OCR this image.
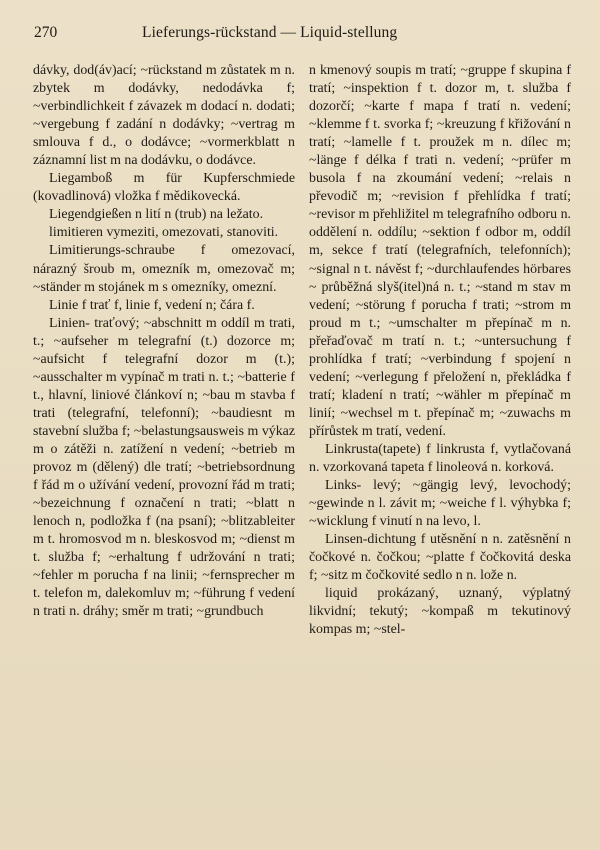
270	Lieferungs-rückstand — Liquid-stellung

dávky, dod(áv)ací; ~rückstand m zůstatek m n. zbytek m dodávky, nedodávka f; ~verbindlichkeit f závazek m dodací n. dodati; ~vergebung f zadání n dodávky; ~vertrag m smlouva f d., o dodávce; ~vormerkblatt n záznamní list m na dodávku, o dodávce.

Liegamboß m für Kupferschmiede (kovadlinová) vložka f mědikovecká.

Liegendgießen n lití n (trub) na ležato.

limitieren vymeziti, omezovati, stanoviti.

Limitierungs-schraube f omezovací, nárazný šroub m, omezník m, omezovač m; ~ständer m stojánek m s omezníky, omezní.

Linie f trať f, linie f, vedení n; čára f.

Linien- traťový; ~abschnitt m oddíl m trati, t.; ~aufseher m telegrafní (t.) dozorce m; ~aufsicht f telegrafní dozor m (t.); ~ausschalter m vypínač m trati n. t.; ~batterie f t., hlavní, liniové článkoví n; ~bau m stavba f trati (telegrafní, telefonní); ~baudiesnt m stavební služba f; ~belastungsausweis m výkaz m o zátěži n. zatížení n vedení; ~betrieb m provoz m (dělený) dle tratí; ~betriebsordnung f řád m o užívání vedení, provozní řád m trati; ~bezeichnung f označení n trati; ~blatt n lenoch n, podložka f (na psaní); ~blitzableiter m t. hromosvod m n. bleskosvod m; ~dienst m t. služba f; ~erhaltung f udržování n trati; ~fehler m porucha f na linii; ~fernsprecher m t. telefon m, dalekomluv m; ~führung f vedení n trati n. dráhy; směr m trati; ~grundbuch

n kmenový soupis m tratí; ~gruppe f skupina f tratí; ~inspektion f t. dozor m, t. služba f dozorčí; ~karte f mapa f tratí n. vedení; ~klemme f t. svorka f; ~kreuzung f křižování n tratí; ~lamelle f t. proužek m n. dílec m; ~länge f délka f trati n. vedení; ~prüfer m busola f na zkoumání vedení; ~relais n převodič m; ~revision f přehlídka f tratí; ~revisor m přehližitel m telegrafního odboru n. oddělení n. oddílu; ~sektion f odbor m, oddíl m, sekce f tratí (telegrafních, telefonních); ~signal n t. návěst f; ~durchlaufendes hörbares ~ průběžná slyš(itel)ná n. t.; ~stand m stav m vedení; ~störung f porucha f trati; ~strom m proud m t.; ~umschalter m přepínač m n. přeřaďovač m tratí n. t.; ~untersuchung f prohlídka f tratí; ~verbindung f spojení n vedení; ~verlegung f přeložení n, překládka f tratí; kladení n tratí; ~wähler m přepínač m linií; ~wechsel m t. přepínač m; ~zuwachs m přírůstek m tratí, vedení.

Linkrusta(tapete) f linkrusta f, vytlačovaná n. vzorkovaná tapeta f linoleová n. korková.

Links- levý; ~gängig levý, levochodý; ~gewinde n l. závit m; ~weiche f l. výhybka f; ~wicklung f vinutí n na levo, l.

Linsen-dichtung f utěsnění n n. zatěsnění n čočkové n. čočkou; ~platte f čočkovitá deska f; ~sitz m čočkovité sedlo n n. lože n.

liquid prokázaný, uznaný, výplatný likvidní; tekutý; ~kompaß m tekutinový kompas m; ~stel-
